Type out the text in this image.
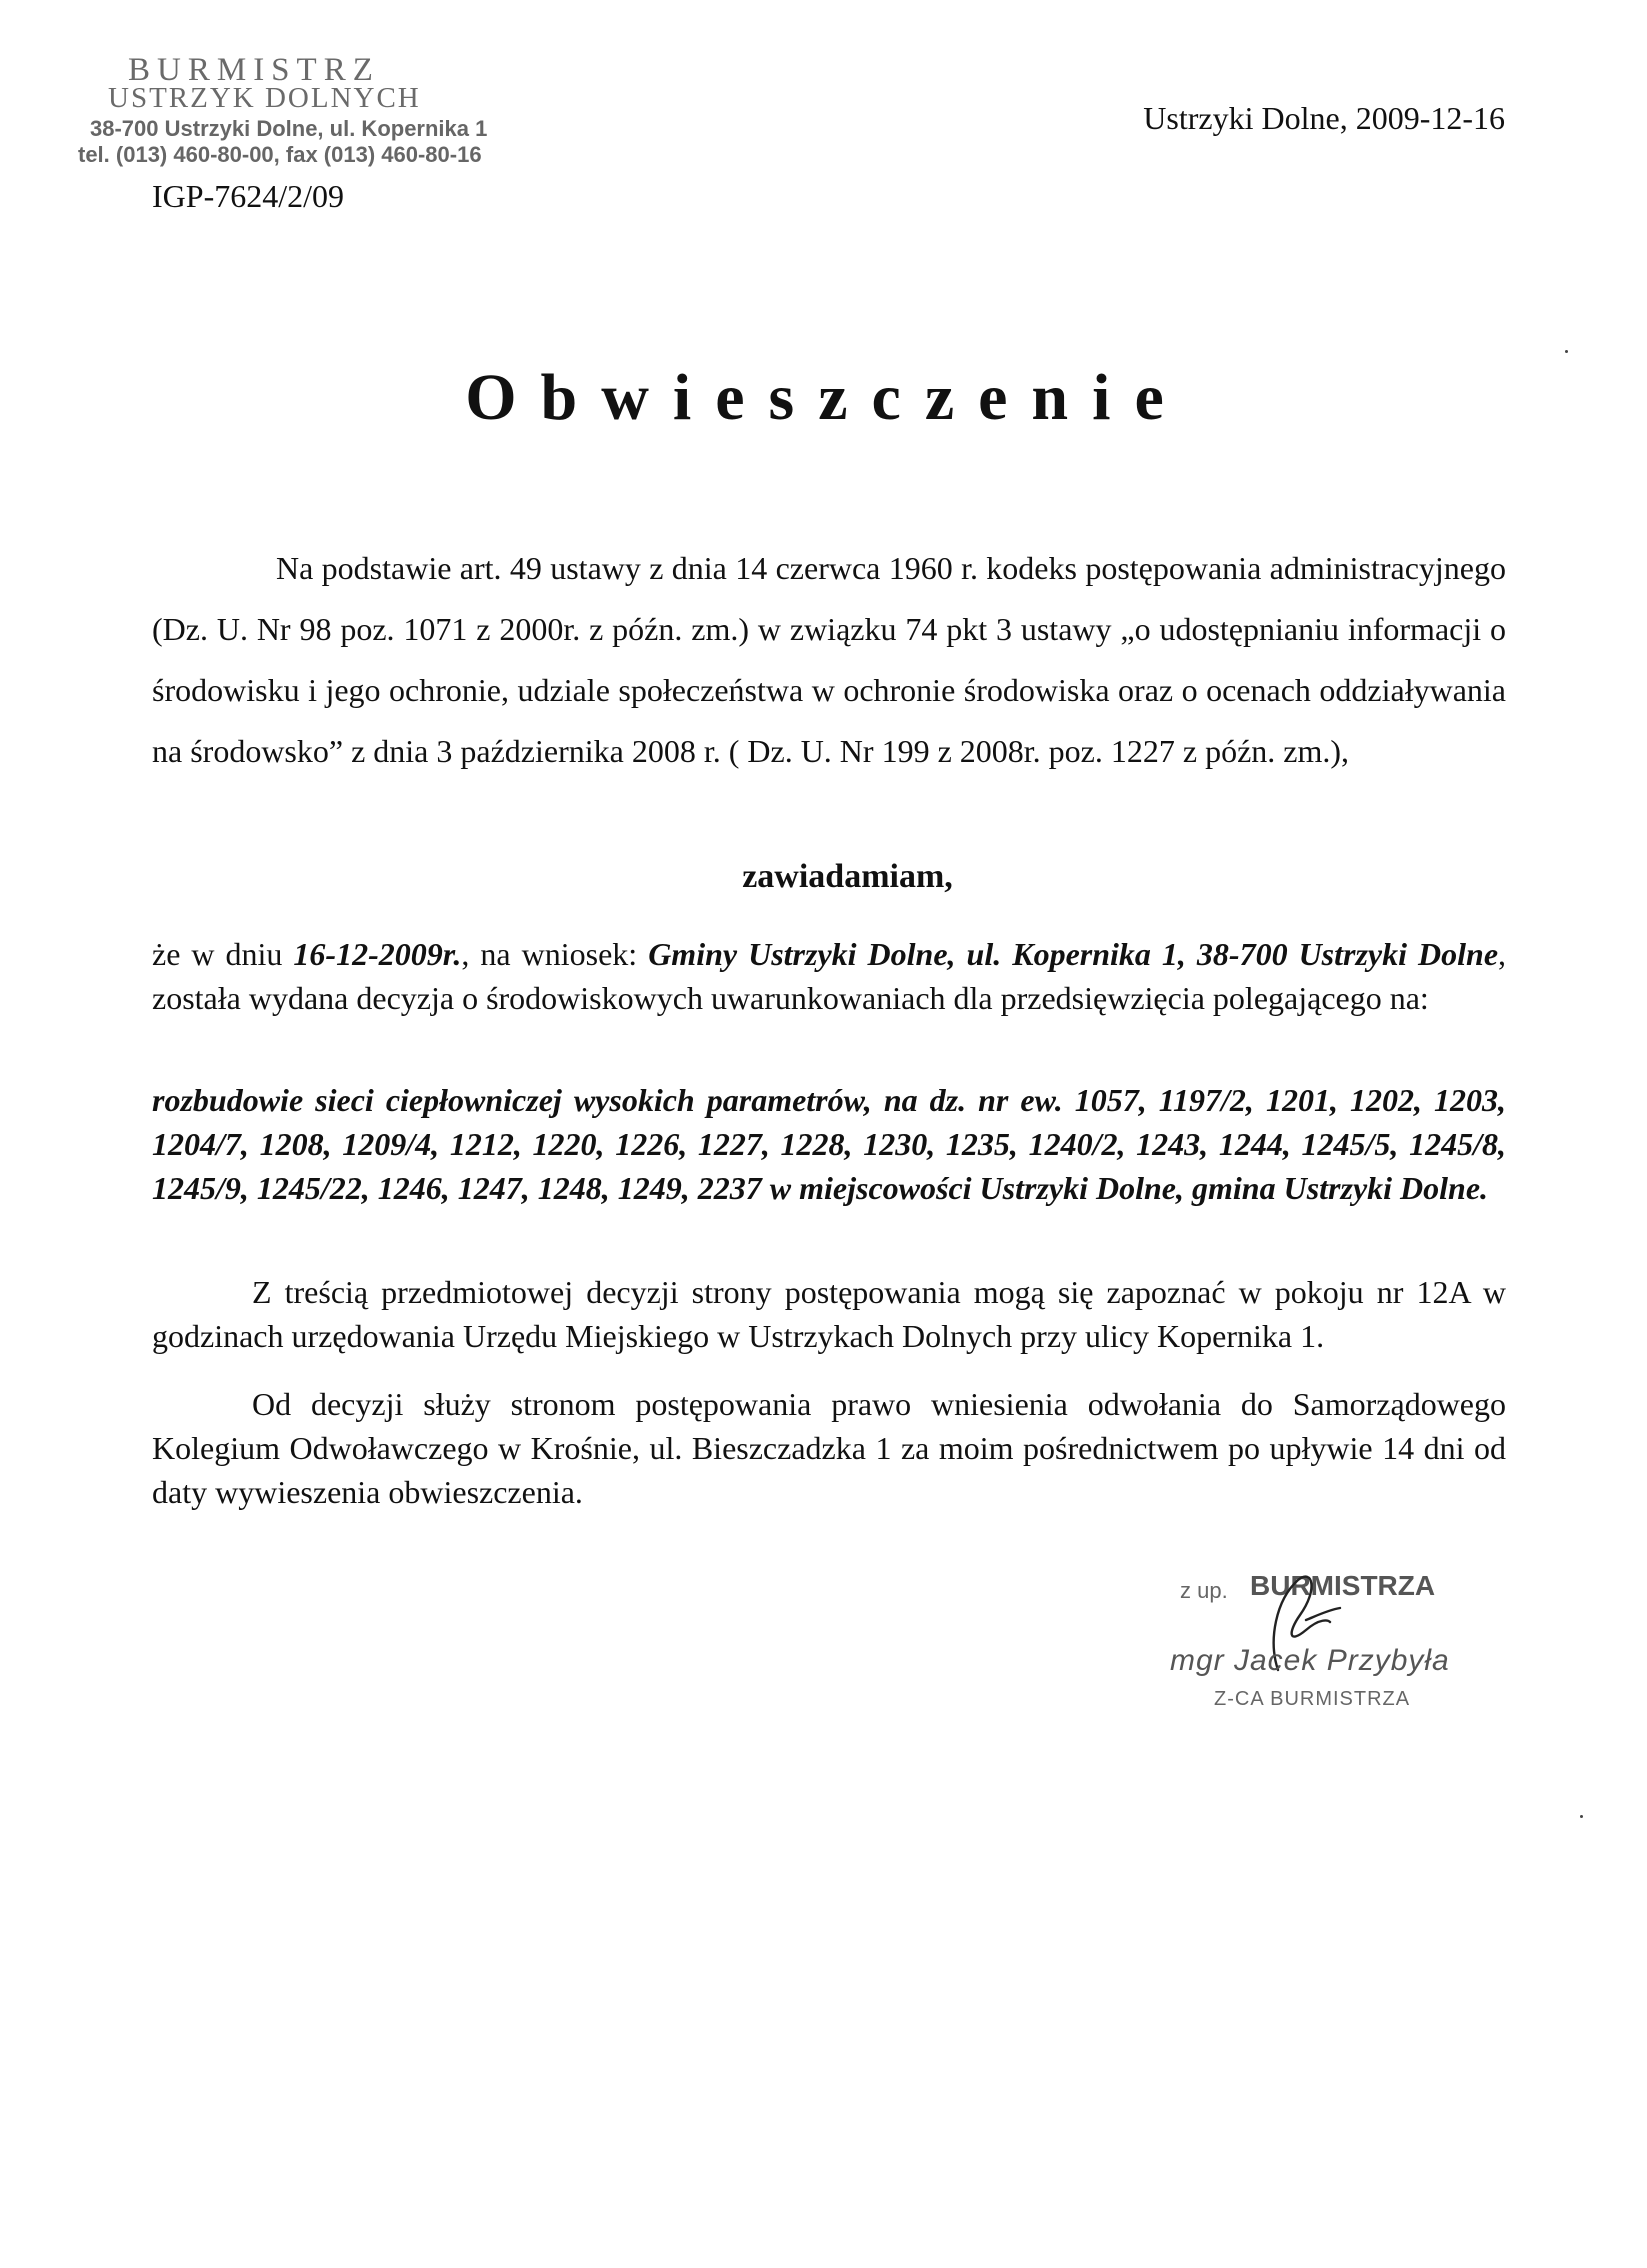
BURMISTRZ
USTRZYK DOLNYCH
38-700 Ustrzyki Dolne, ul. Kopernika 1
tel. (013) 460-80-00, fax (013) 460-80-16
IGP-7624/2/09
Ustrzyki Dolne, 2009-12-16
Obwieszczenie
Na podstawie art. 49 ustawy z dnia 14 czerwca 1960 r. kodeks postępowania administracyjnego (Dz. U. Nr 98 poz. 1071 z 2000r. z późn. zm.) w związku 74 pkt 3 ustawy „o udostępnianiu informacji o środowisku i jego ochronie, udziale społeczeństwa w ochronie środowiska oraz o ocenach oddziaływania na środowsko” z dnia 3 października 2008 r. ( Dz. U. Nr 199 z 2008r. poz. 1227 z późn. zm.),
zawiadamiam,
że w dniu 16-12-2009r., na wniosek: Gminy Ustrzyki Dolne, ul. Kopernika 1, 38-700 Ustrzyki Dolne, została wydana decyzja o środowiskowych uwarunkowaniach dla przedsięwzięcia polegającego na:
rozbudowie sieci ciepłowniczej wysokich parametrów, na dz. nr ew. 1057, 1197/2, 1201, 1202, 1203, 1204/7, 1208, 1209/4, 1212, 1220, 1226, 1227, 1228, 1230, 1235, 1240/2, 1243, 1244, 1245/5, 1245/8, 1245/9, 1245/22, 1246, 1247, 1248, 1249, 2237 w miejscowości Ustrzyki Dolne, gmina Ustrzyki Dolne.
Z treścią przedmiotowej decyzji strony postępowania mogą się zapoznać w pokoju nr 12A w godzinach urzędowania Urzędu Miejskiego w Ustrzykach Dolnych przy ulicy Kopernika 1.
Od decyzji służy stronom postępowania prawo wniesienia odwołania do Samorządowego Kolegium Odwoławczego w Krośnie, ul. Bieszczadzka 1 za moim pośrednictwem po upływie 14 dni od daty wywieszenia obwieszczenia.
z up. BURMISTRZA
mgr Jacek Przybyła
Z-CA BURMISTRZA
